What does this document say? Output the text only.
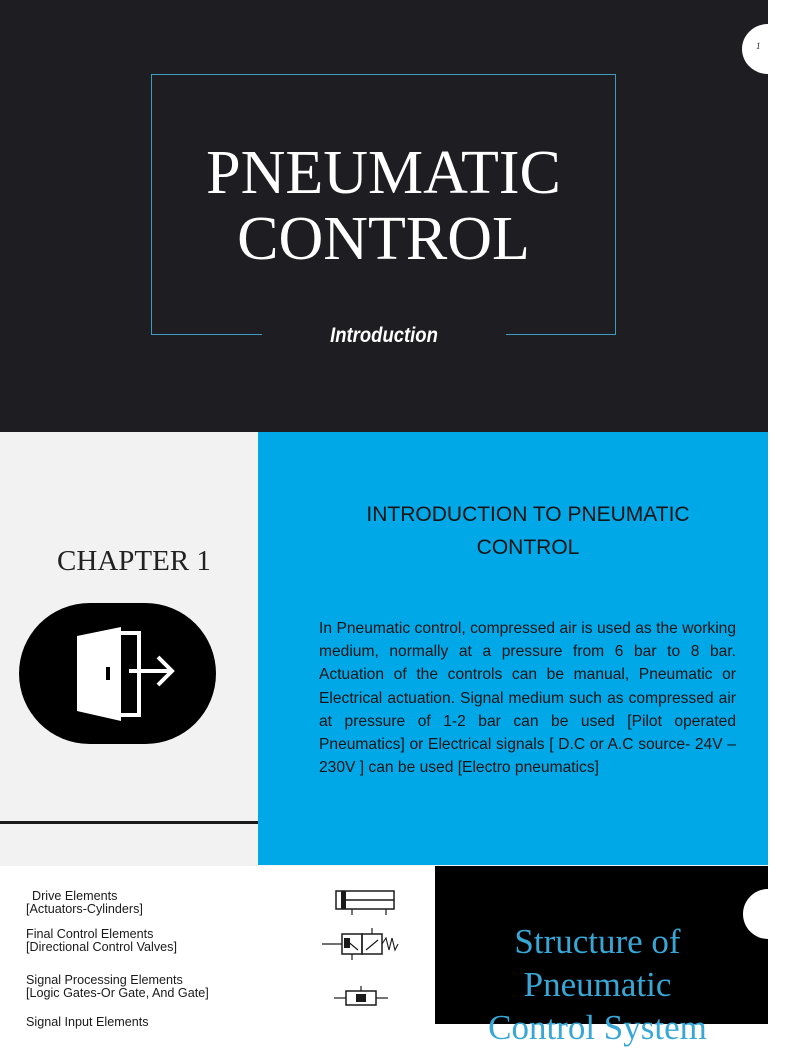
PNEUMATIC
CONTROL
Introduction
1
CHAPTER 1
INTRODUCTION TO PNEUMATIC
CONTROL
In Pneumatic control, compressed air is used as the working medium, normally at a pressure from 6 bar to 8 bar. Actuation of the controls can be manual, Pneumatic or Electrical actuation. Signal medium such as compressed air at pressure of 1-2 bar can be used [Pilot operated Pneumatics] or Electrical signals [ D.C or A.C source- 24V – 230V ] can be used [Electro pneumatics]
Drive Elements
[Actuators-Cylinders]
Final Control Elements
[Directional Control Valves]
Signal Processing Elements
[Logic Gates-Or Gate, And Gate]
Signal Input Elements
Structure of
Pneumatic
Control System
